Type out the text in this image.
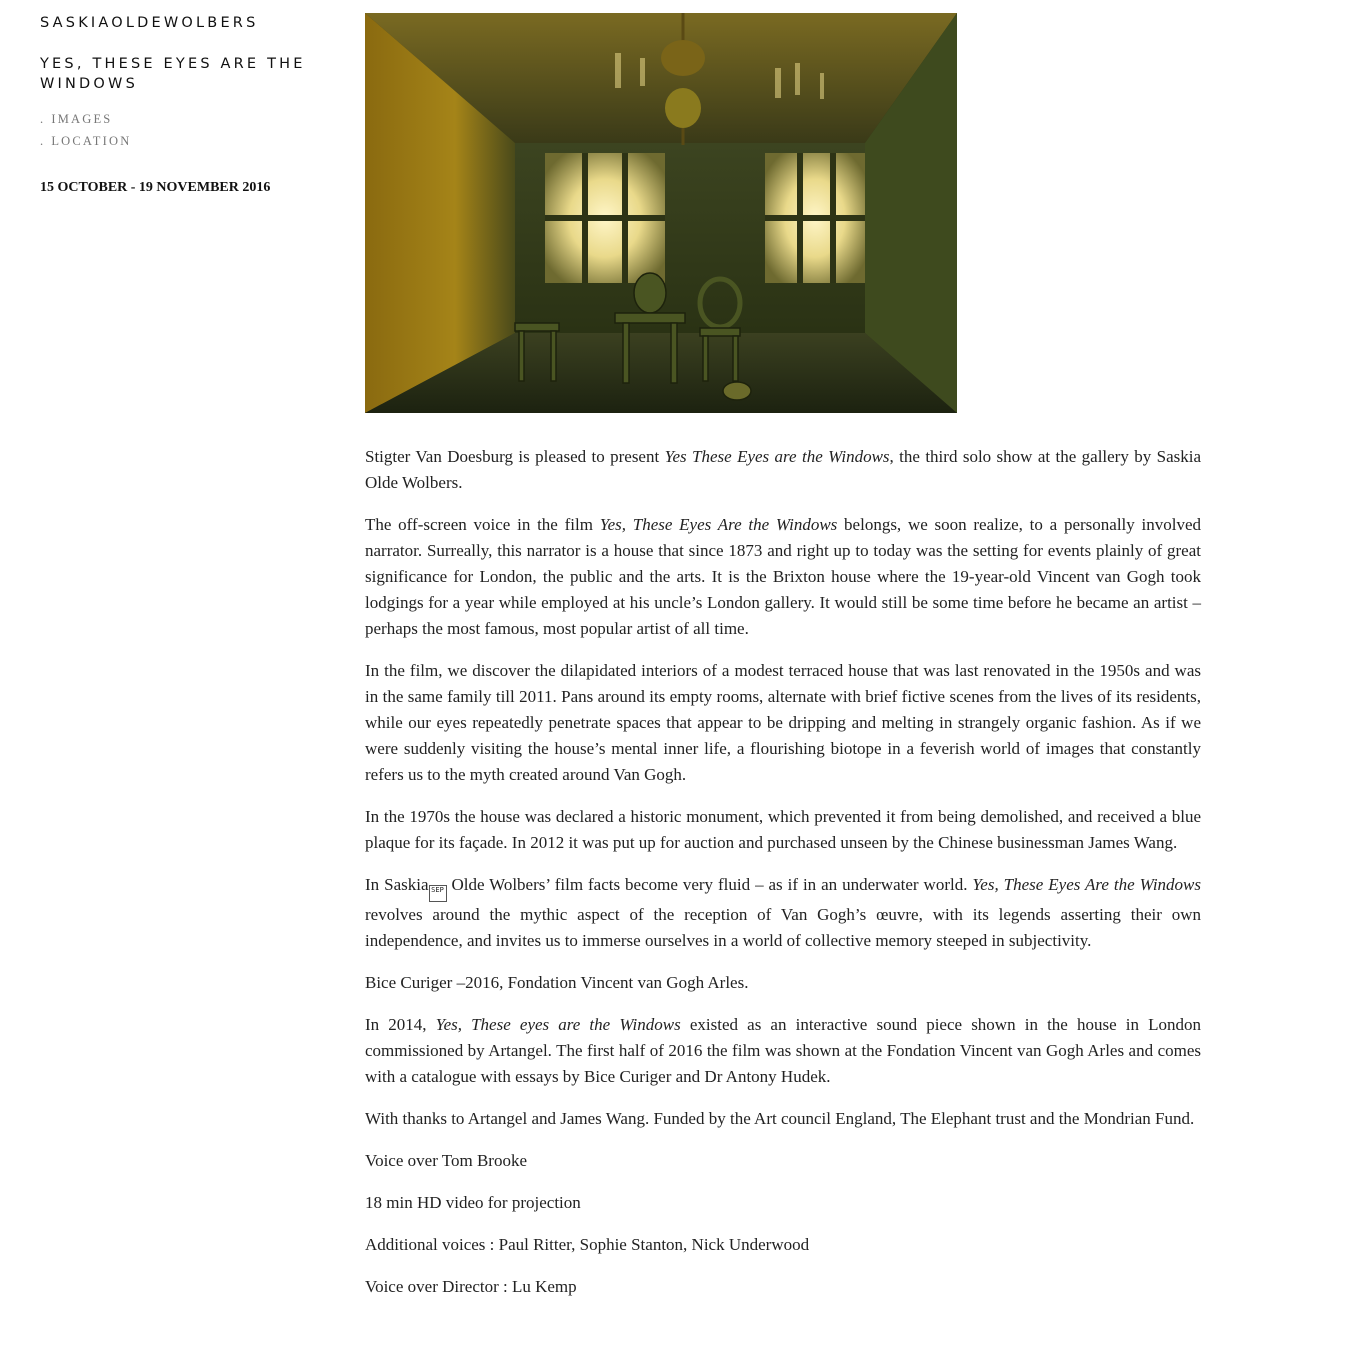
SASKIAOLDEWOLBERS
YES, THESE EYES ARE THE WINDOWS
. IMAGES
. LOCATION
15 OCTOBER - 19 NOVEMBER 2016

Stigter Van Doesburg is pleased to present Yes These Eyes are the Windows, the third solo show at the gallery by Saskia Olde Wolbers.

The off-screen voice in the film Yes, These Eyes Are the Windows belongs, we soon realize, to a personally involved narrator. Surreally, this narrator is a house that since 1873 and right up to today was the setting for events plainly of great significance for London, the public and the arts. It is the Brixton house where the 19-year-old Vincent van Gogh took lodgings for a year while employed at his uncle’s London gallery. It would still be some time before he became an artist – perhaps the most famous, most popular artist of all time.

In the film, we discover the dilapidated interiors of a modest terraced house that was last renovated in the 1950s and was in the same family till 2011. Pans around its empty rooms, alternate with brief fictive scenes from the lives of its residents, while our eyes repeatedly penetrate spaces that appear to be dripping and melting in strangely organic fashion. As if we were suddenly visiting the house’s mental inner life, a flourishing biotope in a feverish world of images that constantly refers us to the myth created around Van Gogh.

In the 1970s the house was declared a historic monument, which prevented it from being demolished, and received a blue plaque for its façade. In 2012 it was put up for auction and purchased unseen by the Chinese businessman James Wang.

In Saskia SEP Olde Wolbers’ film facts become very fluid – as if in an underwater world. Yes, These Eyes Are the Windows revolves around the mythic aspect of the reception of Van Gogh’s œuvre, with its legends asserting their own independence, and invites us to immerse ourselves in a world of collective memory steeped in subjectivity.

Bice Curiger –2016, Fondation Vincent van Gogh Arles.

In 2014, Yes, These eyes are the Windows existed as an interactive sound piece shown in the house in London commissioned by Artangel. The first half of 2016 the film was shown at the Fondation Vincent van Gogh Arles and comes with a catalogue with essays by Bice Curiger and Dr Antony Hudek.

With thanks to Artangel and James Wang. Funded by the Art council England, The Elephant trust and the Mondrian Fund.

Voice over Tom Brooke

18 min HD video for projection

Additional voices : Paul Ritter, Sophie Stanton, Nick Underwood

Voice over Director : Lu Kemp
